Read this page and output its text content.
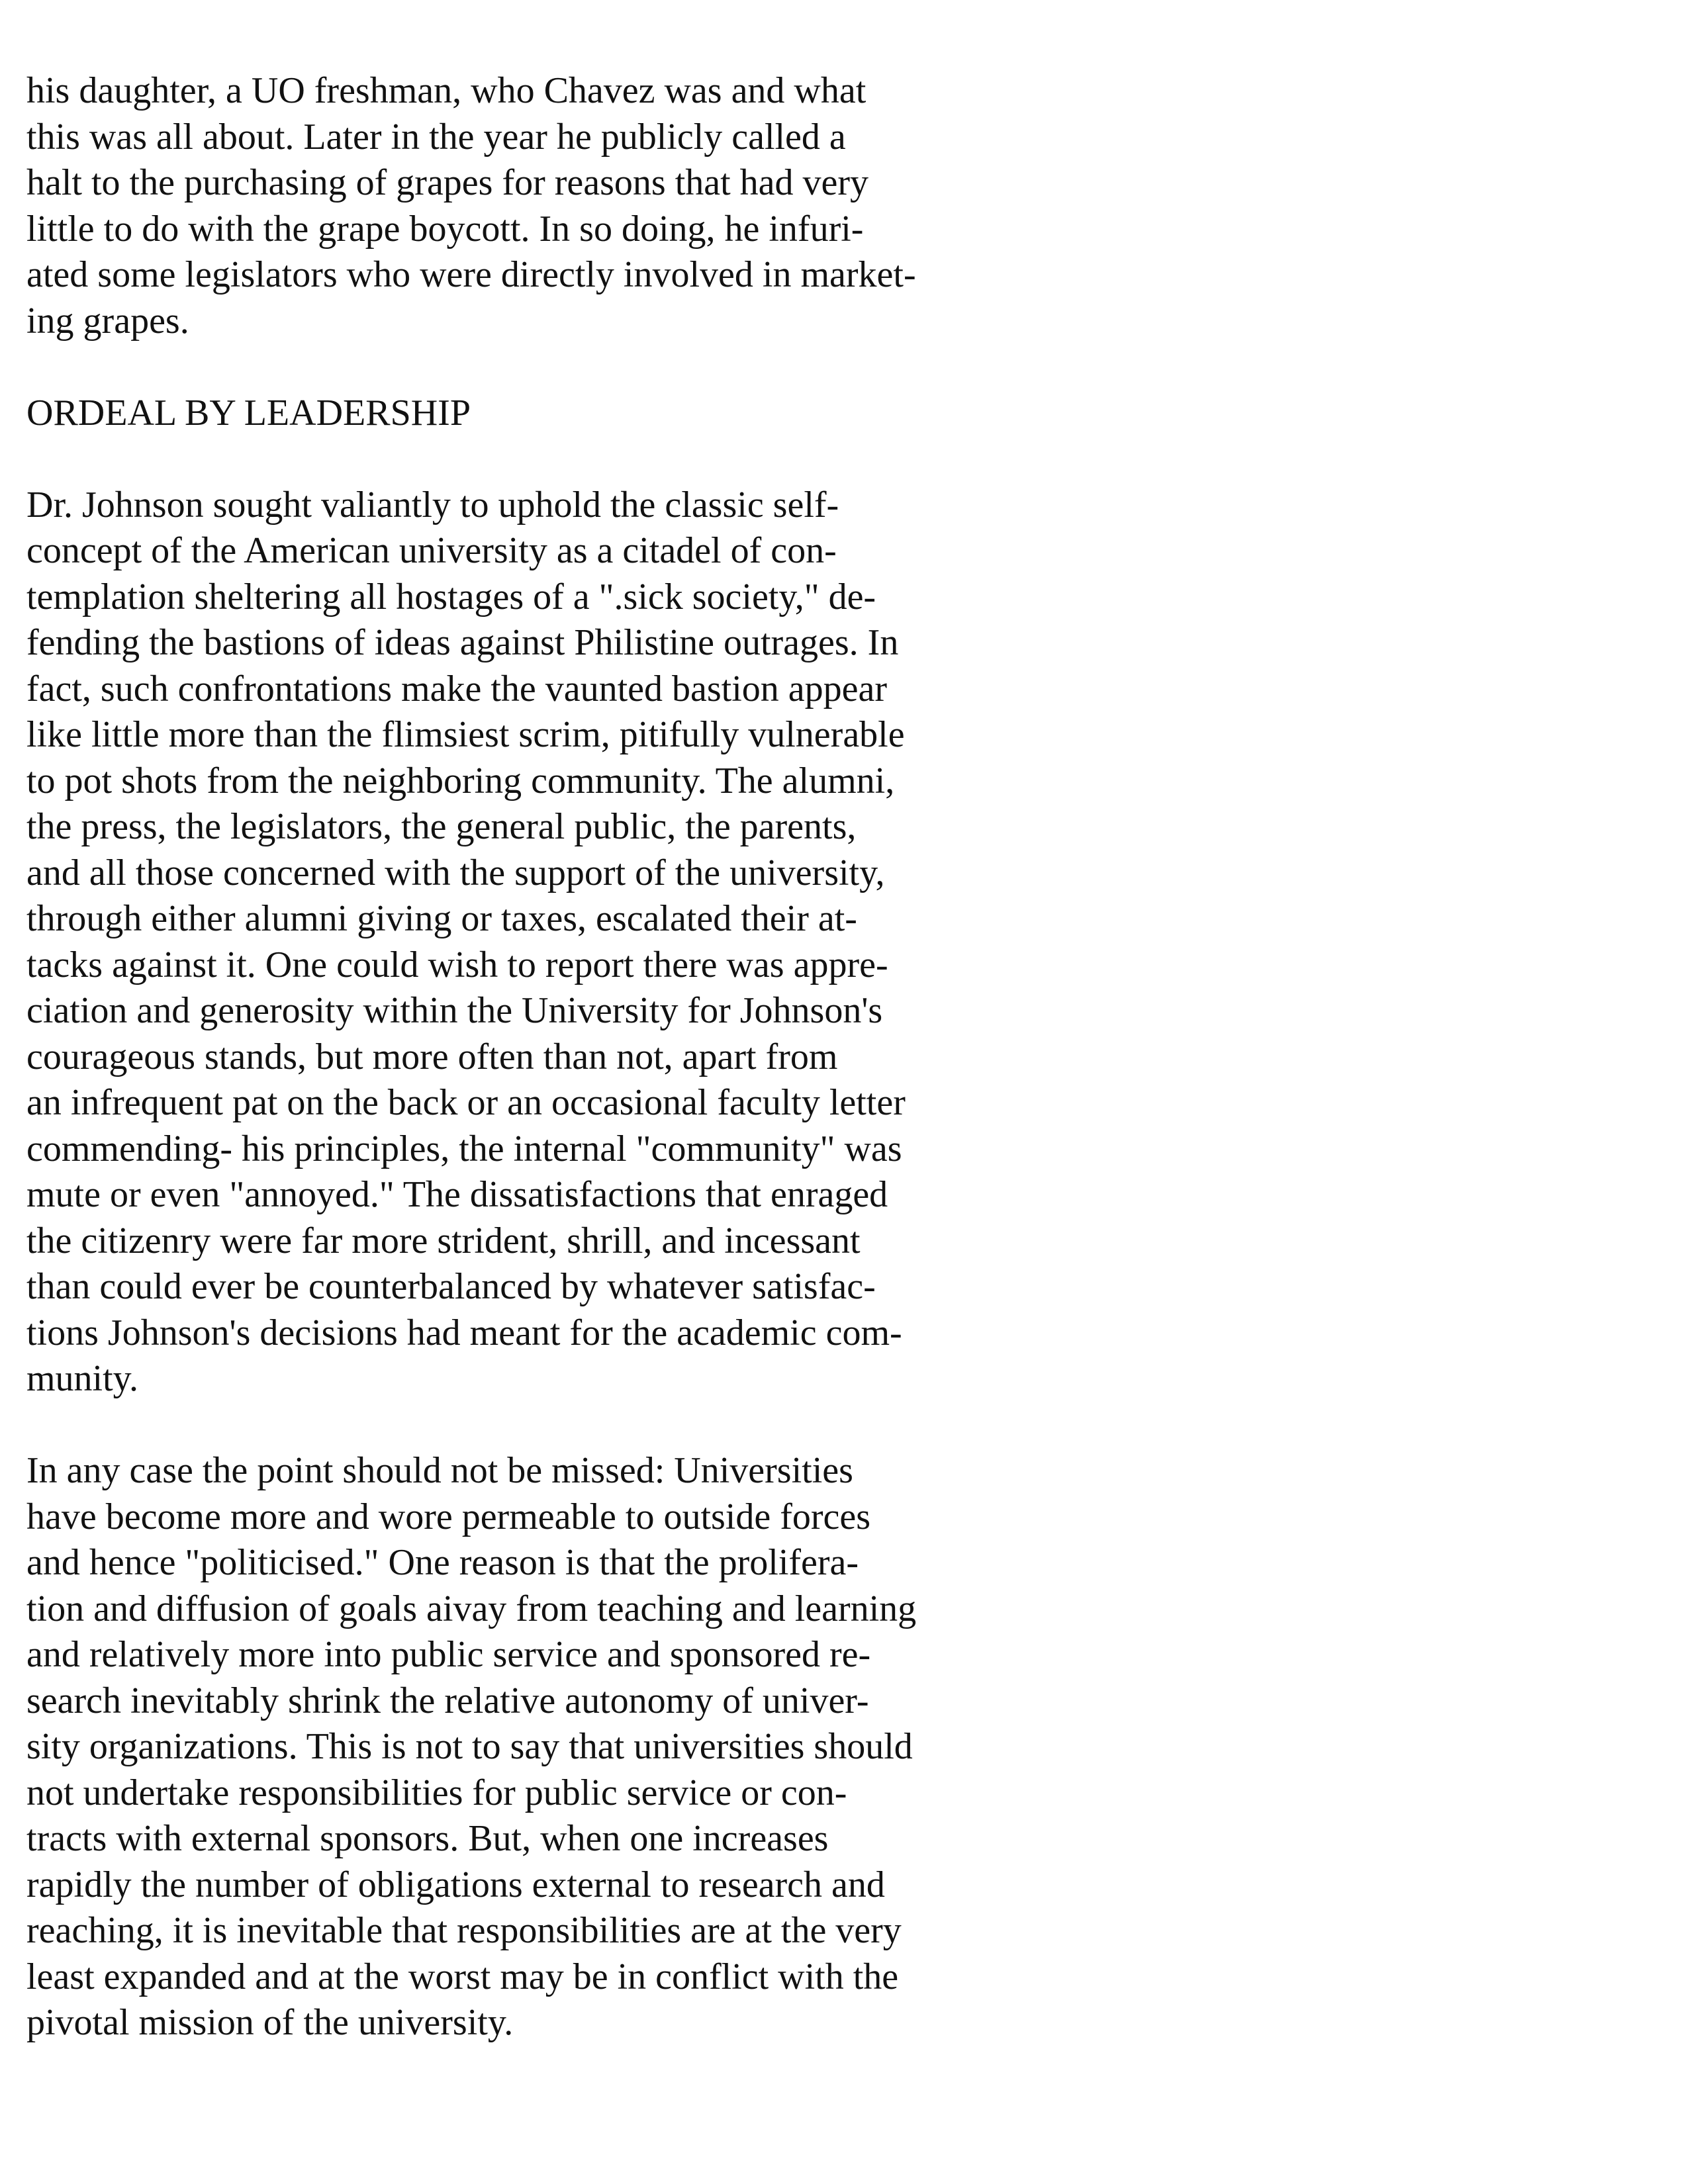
his daughter, a UO freshman, who Chavez was and what
this was all about. Later in the year he publicly called a
halt to the purchasing of grapes for reasons that had very
little to do with the grape boycott. In so doing, he infuri-
ated some legislators who were directly involved in market-
ing grapes.
ORDEAL BY LEADERSHIP
Dr. Johnson sought valiantly to uphold the classic self-
concept of the American university as a citadel of con-
templation sheltering all hostages of a ".sick society," de-
fending the bastions of ideas against Philistine outrages. In
fact, such confrontations make the vaunted bastion appear
like little more than the flimsiest scrim, pitifully vulnerable
to pot shots from the neighboring community. The alumni,
the press, the legislators, the general public, the parents,
and all those concerned with the support of the university,
through either alumni giving or taxes, escalated their at-
tacks against it. One could wish to report there was appre-
ciation and generosity within the University for Johnson's
courageous stands, but more often than not, apart from
an infrequent pat on the back or an occasional faculty letter
commending- his principles, the internal "community" was
mute or even "annoyed." The dissatisfactions that enraged
the citizenry were far more strident, shrill, and incessant
than could ever be counterbalanced by whatever satisfac-
tions Johnson's decisions had meant for the academic com-
munity.
In any case the point should not be missed: Universities
have become more and wore permeable to outside forces
and hence "politicised." One reason is that the prolifera-
tion and diffusion of goals aivay from teaching and learning
and relatively more into public service and sponsored re-
search inevitably shrink the relative autonomy of univer-
sity organizations. This is not to say that universities should
not undertake responsibilities for public service or con-
tracts with external sponsors. But, when one increases
rapidly the number of obligations external to research and
reaching, it is inevitable that responsibilities are at the very
least expanded and at the worst may be in conflict with the
pivotal mission of the university.
